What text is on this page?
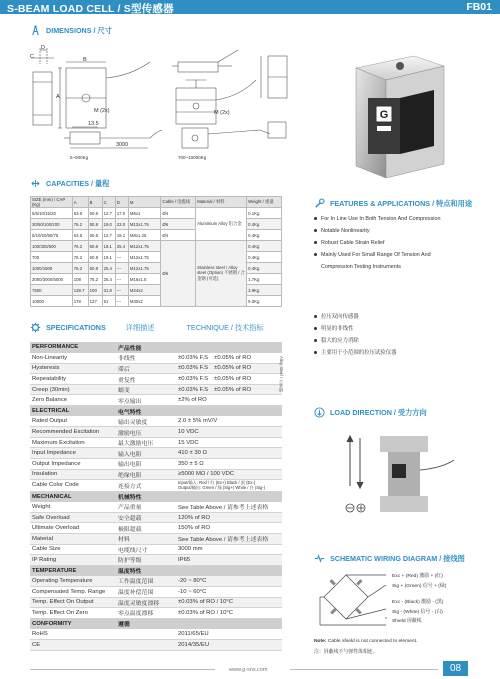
S-BEAM LOAD CELL / S型传感器	FB01
DIMENSIONS / 尺寸
D
C
A
B
M (2x)	M (2x)
13.5
3000
5~500Kg	700~10000Kg
G
CAPACITIES / 量程
SIZE (mm) / CAP (Kg)	A	B	C	D	M	Cable / 电缆线	Material / 材料	Weight / 重量
5/6/10/15/20	63.5	50.8	12.7	17.0	M6x1	Ø4	Aluminium Alloy 铝合金	0.1Kg
30/50/100/200	76.2	50.8	19.0	23.0	M12x1.75	Ø6		0.4Kg
5/10/20/50/75	63.5	50.8	12.7	19.1	M8x1.25	Ø4		0.4Kg
100/300/500	76.2	50.8	19.1	25.4	M12x1.75	Ø6	Stainless steel / Alloy steel (Option) 不锈钢 / 合金钢 (可选)	0.4Kg
700	76.2	50.8	19.1	---	M12x1.75			0.4Kg
1000/1500	76.2	50.8	25.4	---	M12x1.75			0.4Kg
2000/3000/5000	108	76.2	25.4	---	M16x1.5			1.7Kg
7500	139.7	100	31.8	---	M24x2			3.9Kg
10000	178	127	51	---	M30x2			9.0Kg
SPECIFICATIONS	详细描述	TECHNIQUE / 技术指标
PERFORMANCE	产品性能	
Non-Linearity	非线性	±0.03% F.S ±0.05% of RO
Hysteresis	滞后	±0.03% F.S ±0.05% of RO
Repeatability	重复性	±0.03% F.S ±0.05% of RO
Creep (30min)	蠕变	±0.03% F.S ±0.05% of RO
Zero Balance	零点输出	±2% of RO
ELECTRICAL	电气特性	
Rated Output	输出灵敏度	2.0 ± 5% mV/V
Recommended Excitation	激励电压	10 VDC
Maximum Excitation	最大激励电压	15 VDC
Input Impedance	输入电阻	410 ± 30 Ω
Output Impedance	输出电阻	350 ± 5 Ω
Insulation	绝缘电阻	≥5000 MΩ / 100 VDC
Cable Color Code	连接方式	Input/输入: Red / 红 (Ex+) Black / 黑 (Ex-)
Output/输出: Green / 绿 (Sig+) White / 白 (Sig-)

MECHANICAL	机械特性	
Weight	产品重量	See Table Above / 请参考上述表格
Safe Overload	安全超载	120% of RO
Ultimate Overload	极限超载	150% of RO
Material	材料	See Table Above / 请参考上述表格
Cable Size	电缆线尺寸	3000 mm
IP Rating	防护等级	IP65
TEMPERATURE	温度特性	
Operating Temperature	工作温度范围	-20 ~ 80°C
Compensated Temp. Range	温度补偿范围	-10 ~ 60°C
Temp. Effect On Output	温度灵敏度漂移	±0.03% of RO / 10°C
Temp. Effect On Zero	零点温度漂移	±0.03% of RO / 10°C
CONFORMITY	遵循	
RoHS		2011/65/EU
CE		2014/35/EU
Alloy Steel / 合金钢
FEATURES & APPLICATIONS / 特点和用途
For In Line Use In Both Tension And Compression
Notable Nonlinearity
Robust Cable Strain Relief
Mainly Used For Small Range Of Tension And
Compression Testing Instruments
拉压双向传感器
明显的非线性
稳大的应力消除
主要用于小范围的拉压试验仪器
LOAD DIRECTION / 受力方向
SCHEMATIC WIRING DIAGRAM / 接线图
Exc + (Red) 激励 + (红)
Sig + (Green) 信号 + (绿)
Exc - (Black) 激励 - (黑)
Sig - (White) 信号 - (白)
Shield 屏蔽线
Note: Cable shield is not connected to element.
注：屏蔽线不与弹性体相连。
www.g-sns.com	08
